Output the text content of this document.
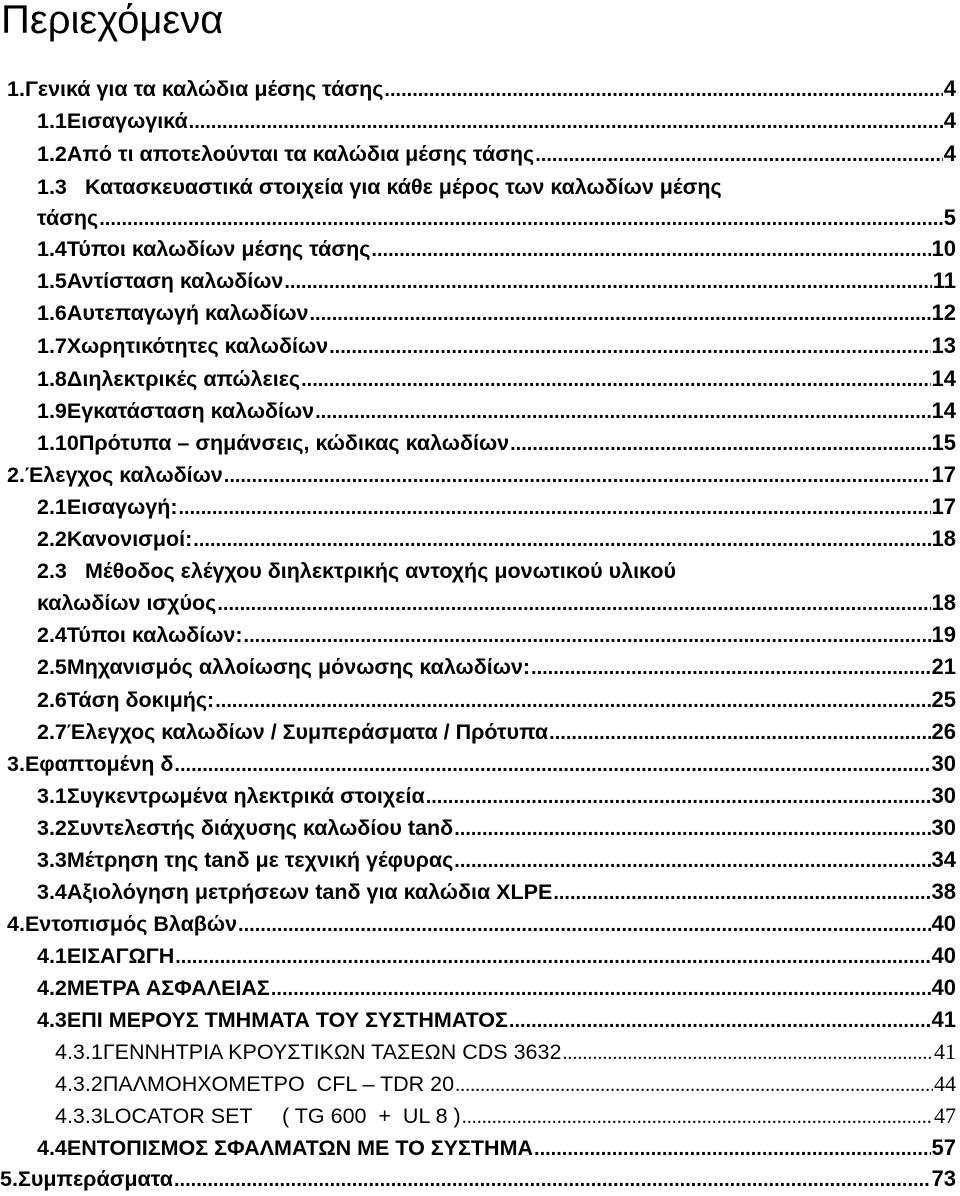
Περιεχόμενα
1. Γενικά για τα καλώδια μέσης τάσης .....	4
1.1 Εισαγωγικά .....	4
1.2 Από τι αποτελούνται τα καλώδια μέσης τάσης .....	4
1.3 Κατασκευαστικά στοιχεία για κάθε μέρος των καλωδίων μέσης
τάσης .....	5
1.4 Τύποι καλωδίων μέσης τάσης .....	10
1.5 Αντίσταση καλωδίων .....	11
1.6 Αυτεπαγωγή καλωδίων .....	12
1.7 Χωρητικότητες καλωδίων .....	13
1.8 Διηλεκτρικές απώλειες .....	14
1.9 Εγκατάσταση καλωδίων .....	14
1.10 Πρότυπα – σημάνσεις, κώδικας καλωδίων .....	15
2. Έλεγχος καλωδίων .....	17
2.1 Εισαγωγή: .....	17
2.2 Κανονισμοί: .....	18
2.3 Μέθοδος ελέγχου διηλεκτρικής αντοχής μονωτικού υλικού
καλωδίων ισχύος .....	18
2.4 Τύποι καλωδίων: .....	19
2.5 Μηχανισμός αλλοίωσης μόνωσης καλωδίων: .....	21
2.6 Τάση δοκιμής: .....	25
2.7 Έλεγχος καλωδίων / Συμπεράσματα / Πρότυπα .....	26
3. Εφαπτομένη δ .....	30
3.1 Συγκεντρωμένα ηλεκτρικά στοιχεία .....	30
3.2 Συντελεστής διάχυσης καλωδίου tanδ .....	30
3.3 Μέτρηση της tanδ με τεχνική γέφυρας .....	34
3.4 Αξιολόγηση μετρήσεων tanδ για καλώδια XLPE .....	38
4. Εντοπισμός Βλαβών .....	40
4.1 ΕΙΣΑΓΩΓΗ .....	40
4.2 ΜΕΤΡΑ ΑΣΦΑΛΕΙΑΣ .....	40
4.3 ΕΠΙ ΜΕΡΟΥΣ ΤΜΗΜΑΤΑ ΤΟΥ ΣΥΣΤΗΜΑΤΟΣ .....	41
4.3.1 ΓΕΝΝΗΤΡΙΑ ΚΡΟΥΣΤΙΚΩΝ ΤΑΣΕΩΝ CDS 3632 .....	41
4.3.2 ΠΑΛΜΟΗΧΟΜΕΤΡΟ  CFL – TDR 20 .....	44
4.3.3 LOCATOR SET     ( TG 600  +  UL 8 ) .....	47
4.4 ΕΝΤΟΠΙΣΜΟΣ ΣΦΑΛΜΑΤΩΝ ΜΕ ΤΟ ΣΥΣΤΗΜΑ .....	57
5. Συμπεράσματα .....	73
